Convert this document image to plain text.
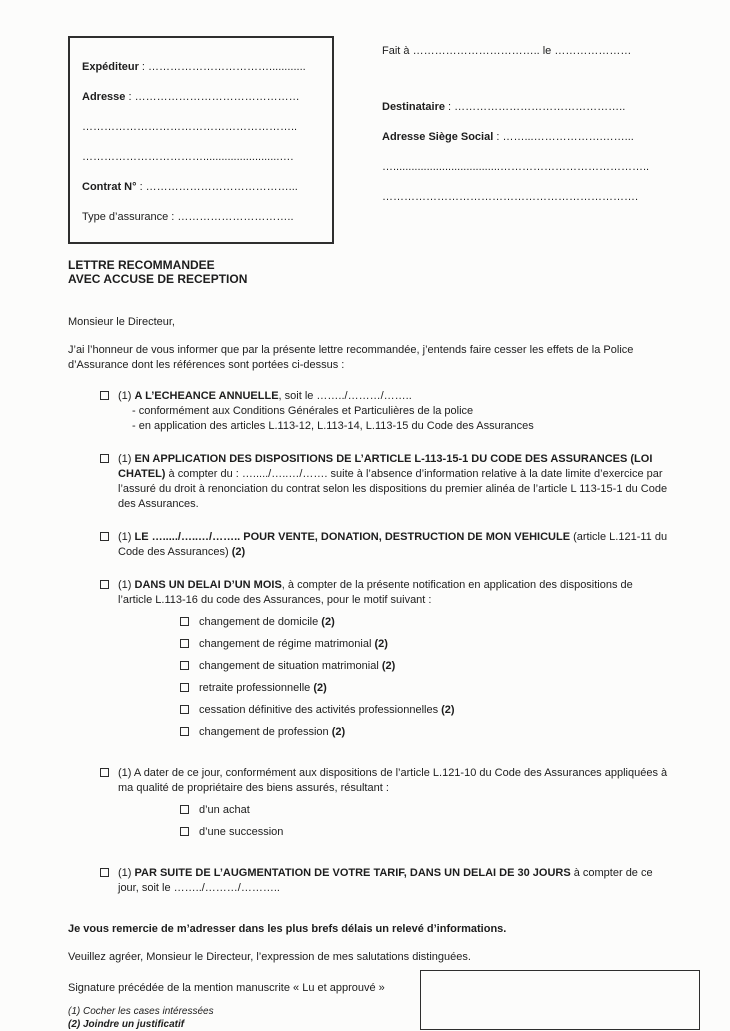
Expéditeur : ……………………………............

Adresse : ………………………………………

…………………………………………………..

…………………………….........................….

Contrat N° : …………………………………...

Type d’assurance : …………………………..

Fait à …………………………….. le …………………

Destinataire : ………………………………………..

Adresse Siège Social : ……...……………….……...

…...................................…………………………………..

…………………………………………………………….

LETTRE RECOMMANDEE
AVEC ACCUSE DE RECEPTION

Monsieur le Directeur,

J’ai l’honneur de vous informer que par la présente lettre recommandée, j’entends faire cesser les effets de la Police d’Assurance dont les références sont portées ci-dessus :

(1) A L’ECHEANCE ANNUELLE, soit le ……../………/……..
- conformément aux Conditions Générales et Particulières de la police
- en application des articles L.113-12, L.113-14, L.113-15 du Code des Assurances
(1) EN APPLICATION DES DISPOSITIONS DE L’ARTICLE L-113-15-1 DU CODE DES ASSURANCES (LOI CHATEL) à compter du : …...../…..…/……. suite à l’absence d’information relative à la date limite d’exercice par l’assuré du droit à renonciation du contrat selon les dispositions du premier alinéa de l’article L 113-15-1 du Code des Assurances.
(1) LE …...../…..…/…….. POUR VENTE, DONATION, DESTRUCTION DE MON VEHICULE (article L.121-11 du Code des Assurances) (2)
(1) DANS UN DELAI D’UN MOIS, à compter de la présente notification en application des dispositions de l’article L.113-16 du code des Assurances, pour le motif suivant :
changement de domicile (2)
changement de régime matrimonial (2)
changement de situation matrimonial (2)
retraite professionnelle (2)
cessation définitive des activités professionnelles (2)
changement de profession (2)
(1) A dater de ce jour, conformément aux dispositions de l’article L.121-10 du Code des Assurances appliquées à ma qualité de propriétaire des biens assurés, résultant :
d’un achat
d’une succession
(1) PAR SUITE DE L’AUGMENTATION DE VOTRE TARIF, DANS UN DELAI DE 30 JOURS à compter de ce jour, soit le ……../………/………..

Je vous remercie de m’adresser dans les plus brefs délais un relevé d’informations.

Veuillez agréer, Monsieur le Directeur, l’expression de mes salutations distinguées.

Signature précédée de la mention manuscrite « Lu et approuvé »

(1) Cocher les cases intéressées
(2) Joindre un justificatif
